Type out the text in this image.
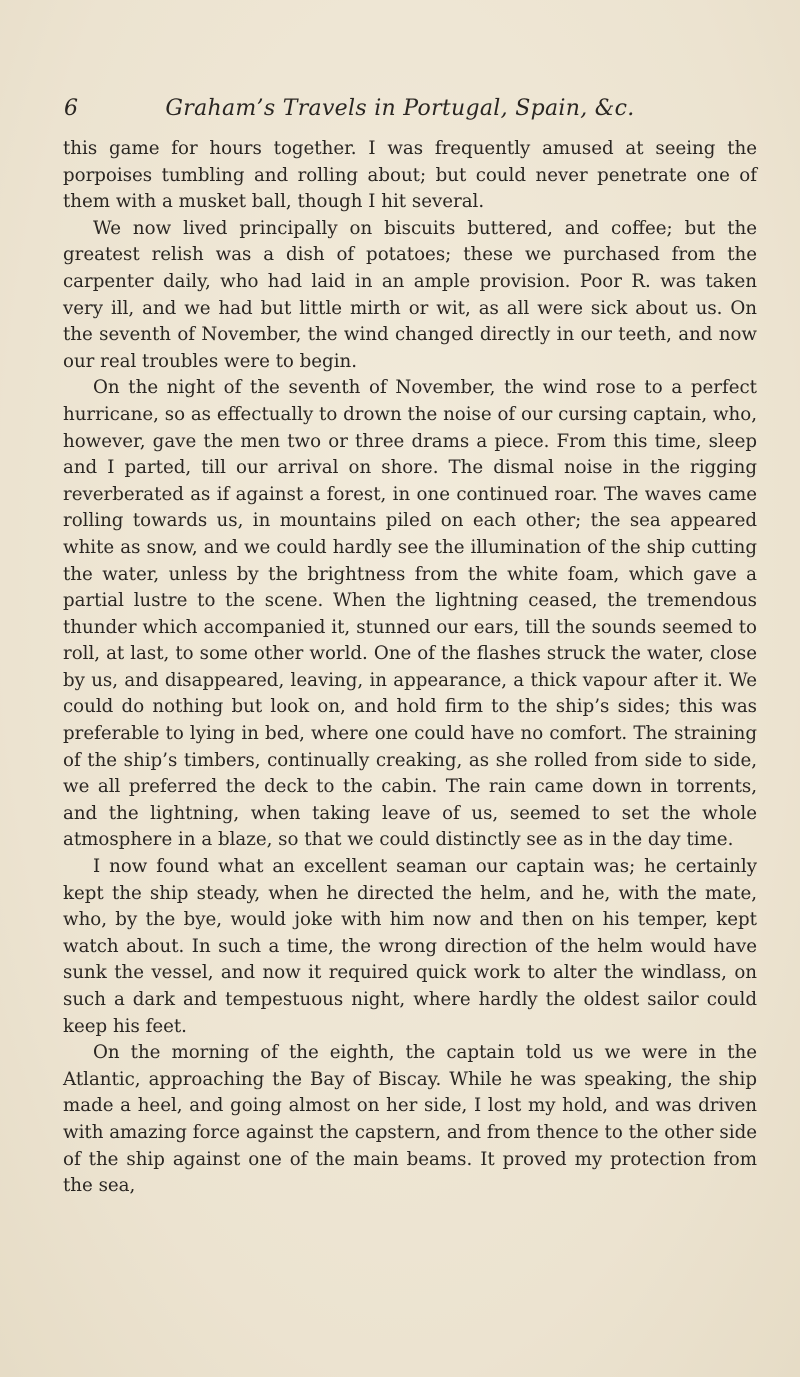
6	Graham’s Travels in Portugal, Spain, &c.

this game for hours together. I was frequently amused at seeing the porpoises tumbling and rolling about; but could never penetrate one of them with a musket ball, though I hit several.

We now lived principally on biscuits buttered, and coffee; but the greatest relish was a dish of potatoes; these we purchased from the carpenter daily, who had laid in an ample provision. Poor R. was taken very ill, and we had but little mirth or wit, as all were sick about us. On the seventh of November, the wind changed directly in our teeth, and now our real troubles were to begin.

On the night of the seventh of November, the wind rose to a perfect hurricane, so as effectually to drown the noise of our cursing captain, who, however, gave the men two or three drams a piece. From this time, sleep and I parted, till our arrival on shore. The dismal noise in the rigging reverberated as if against a forest, in one continued roar. The waves came rolling towards us, in mountains piled on each other; the sea appeared white as snow, and we could hardly see the illumination of the ship cutting the water, unless by the brightness from the white foam, which gave a partial lustre to the scene. When the lightning ceased, the tremendous thunder which accompanied it, stunned our ears, till the sounds seemed to roll, at last, to some other world. One of the flashes struck the water, close by us, and disappeared, leaving, in appearance, a thick vapour after it. We could do nothing but look on, and hold firm to the ship’s sides; this was preferable to lying in bed, where one could have no comfort. The straining of the ship’s timbers, continually creaking, as she rolled from side to side, we all preferred the deck to the cabin. The rain came down in torrents, and the lightning, when taking leave of us, seemed to set the whole atmosphere in a blaze, so that we could distinctly see as in the day time.

I now found what an excellent seaman our captain was; he certainly kept the ship steady, when he directed the helm, and he, with the mate, who, by the bye, would joke with him now and then on his temper, kept watch about. In such a time, the wrong direction of the helm would have sunk the vessel, and now it required quick work to alter the windlass, on such a dark and tempestuous night, where hardly the oldest sailor could keep his feet.

On the morning of the eighth, the captain told us we were in the Atlantic, approaching the Bay of Biscay. While he was speaking, the ship made a heel, and going almost on her side, I lost my hold, and was driven with amazing force against the capstern, and from thence to the other side of the ship against one of the main beams. It proved my protection from the sea,
